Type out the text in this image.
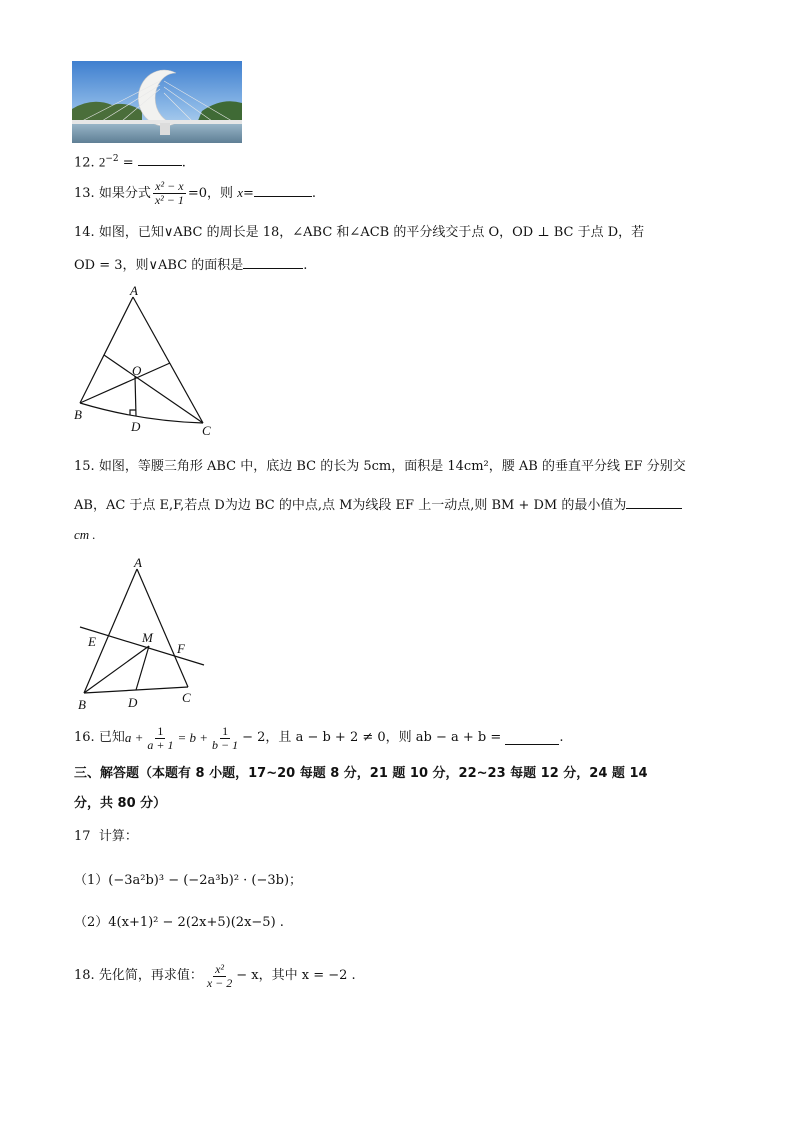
12. $2^{-2}$ =	.
13. 如果分式 $\frac{\text{x² − x}}{\text{x² − 1}} =0$，则 x=	.
14. 如图，已知∨ABC 的周长是 18，∠ABC 和∠ACB 的平分线交于点 O，OD ⊥ BC 于点 D，若
OD = 3，则∨ABC 的面积是	.
A
O
B
D	C
15. 如图，等腰三角形 ABC 中，底边 BC 的长为 5cm，面积是 14cm²，腰 AB 的垂直平分线 EF 分别交
AB，AC 于点 E,F,若点 D为边 BC 的中点,点 M为线段 EF 上一动点,则 BM + DM 的最小值为
cm .
A
E	M
F
B	D	C
16.
已知 $a + \frac{1}{a + 1} = b + \frac{1}{b - 1} - 2$，且 a − b + 2 ≠ 0，则 ab − a + b =
	.
三、解答题（本题有 8 小题，17~20 每题 8 分，21 题 10 分，22~23 每题 12 分，24 题 14
分，共 80 分）
17 计算：
（1）(−3a²b)³ − (−2a³b)² · (−3b)；
（2）4(x+1)² − 2(2x+5)(2x−5) .
18.
先化简，再求值： $\frac{\text{x²}}{x - 2} - x$，其中 x = −2 .
